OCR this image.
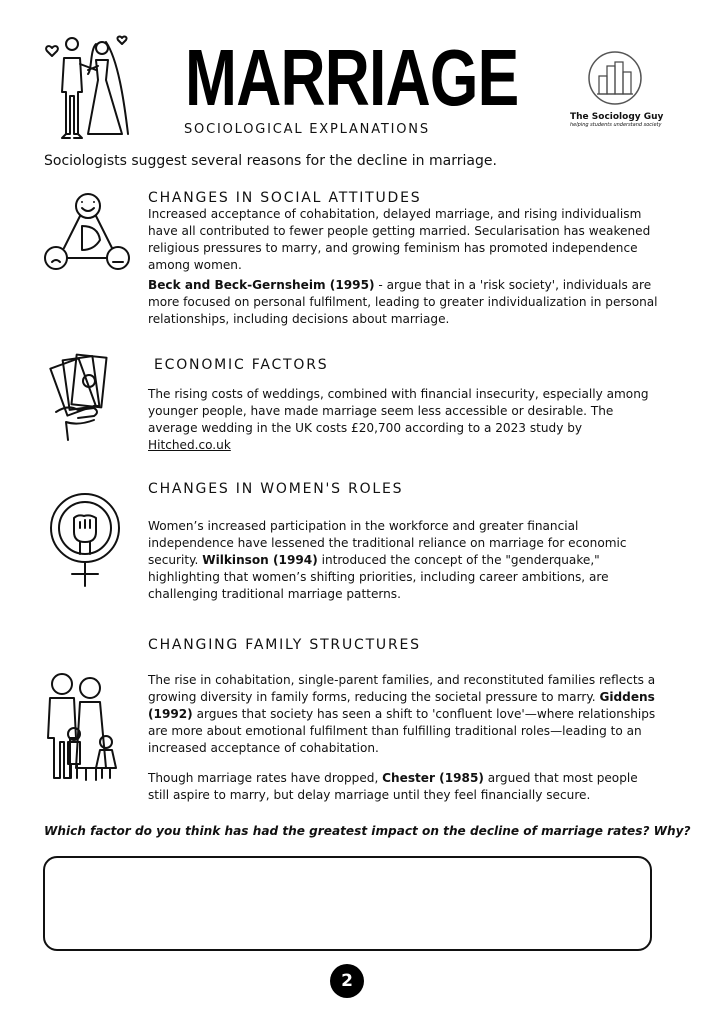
MARRIAGE
SOCIOLOGICAL EXPLANATIONS
The Sociology Guy
helping students understand society
Sociologists suggest several reasons for the decline in marriage.
CHANGES IN SOCIAL ATTITUDES
Increased acceptance of cohabitation, delayed marriage, and rising individualism have all contributed to fewer people getting married. Secularisation has weakened religious pressures to marry, and growing feminism has promoted independence among women.
Beck and Beck-Gernsheim (1995) - argue that in a 'risk society', individuals are more focused on personal fulfilment, leading to greater individualization in personal relationships, including decisions about marriage.
ECONOMIC FACTORS
The rising costs of weddings, combined with financial insecurity, especially among younger people, have made marriage seem less accessible or desirable. The average wedding in the UK costs £20,700 according to a 2023 study by Hitched.co.uk
CHANGES IN WOMEN'S ROLES
Women’s increased participation in the workforce and greater financial independence have lessened the traditional reliance on marriage for economic security. Wilkinson (1994) introduced the concept of the "genderquake," highlighting that women’s shifting priorities, including career ambitions, are challenging traditional marriage patterns.
CHANGING FAMILY STRUCTURES
The rise in cohabitation, single-parent families, and reconstituted families reflects a growing diversity in family forms, reducing the societal pressure to marry. Giddens (1992) argues that society has seen a shift to 'confluent love'—where relationships are more about emotional fulfilment than fulfilling traditional roles—leading to an increased acceptance of cohabitation.
Though marriage rates have dropped, Chester (1985) argued that most people still aspire to marry, but delay marriage until they feel financially secure.
Which factor do you think has had the greatest impact on the decline of marriage rates? Why?
2
